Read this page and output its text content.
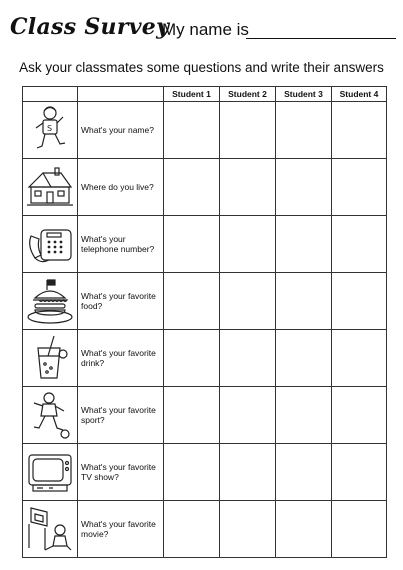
Class Survey
My name is
Ask your classmates some questions and write their answers
		Student 1	Student 2	Student 3	Student 4

S	What's your name?				

	Where do you live?				

	What's your telephone number?				

	What's your favorite food?				

	What's your favorite drink?				

	What's your favorite sport?				

	What's your favorite TV show?				

	What's your favorite movie?				
